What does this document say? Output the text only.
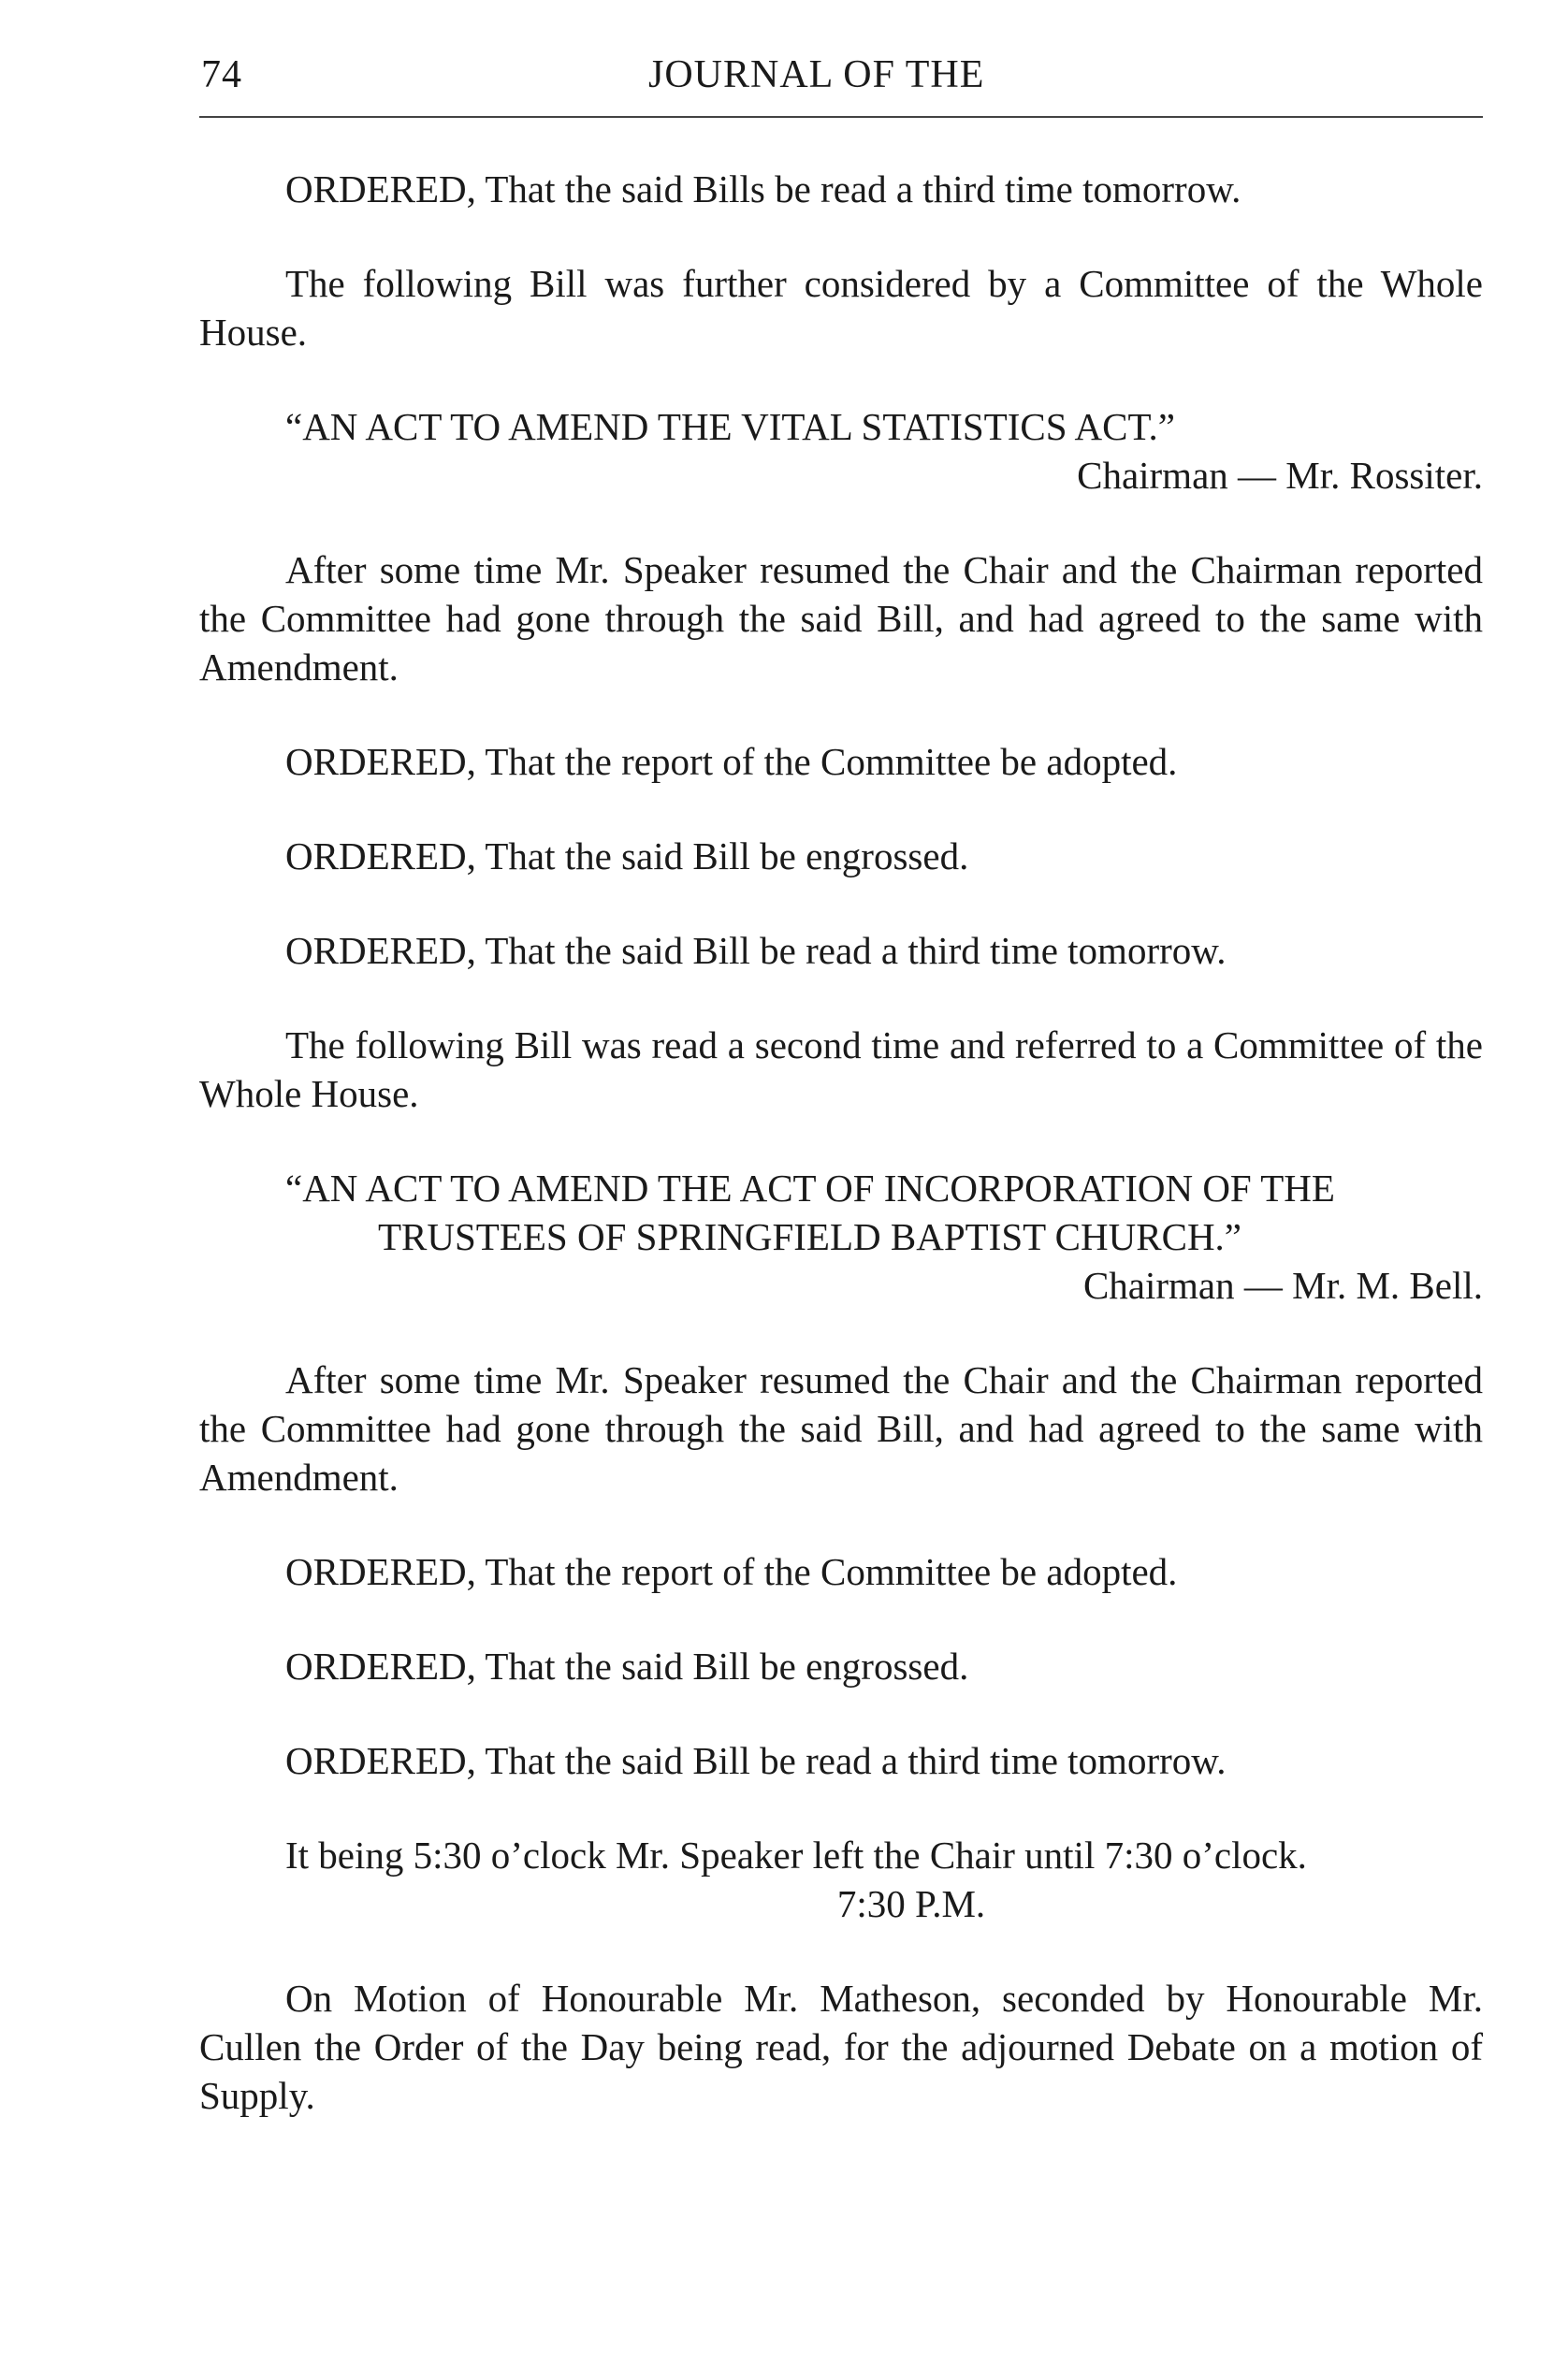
74	JOURNAL OF THE

ORDERED, That the said Bills be read a third time tomorrow.

The following Bill was further considered by a Committee of the Whole House.

“AN ACT TO AMEND THE VITAL STATISTICS ACT.”
Chairman — Mr. Rossiter.

After some time Mr. Speaker resumed the Chair and the Chairman reported the Committee had gone through the said Bill, and had agreed to the same with Amendment.

ORDERED, That the report of the Committee be adopted.

ORDERED, That the said Bill be engrossed.

ORDERED, That the said Bill be read a third time tomorrow.

The following Bill was read a second time and referred to a Committee of the Whole House.

“AN ACT TO AMEND THE ACT OF INCORPORATION OF THE TRUSTEES OF SPRINGFIELD BAPTIST CHURCH.”
Chairman — Mr. M. Bell.

After some time Mr. Speaker resumed the Chair and the Chairman reported the Committee had gone through the said Bill, and had agreed to the same with Amendment.

ORDERED, That the report of the Committee be adopted.

ORDERED, That the said Bill be engrossed.

ORDERED, That the said Bill be read a third time tomorrow.

It being 5:30 o’clock Mr. Speaker left the Chair until 7:30 o’clock.

7:30 P.M.

On Motion of Honourable Mr. Matheson, seconded by Honourable Mr. Cullen the Order of the Day being read, for the adjourned Debate on a motion of Supply.
